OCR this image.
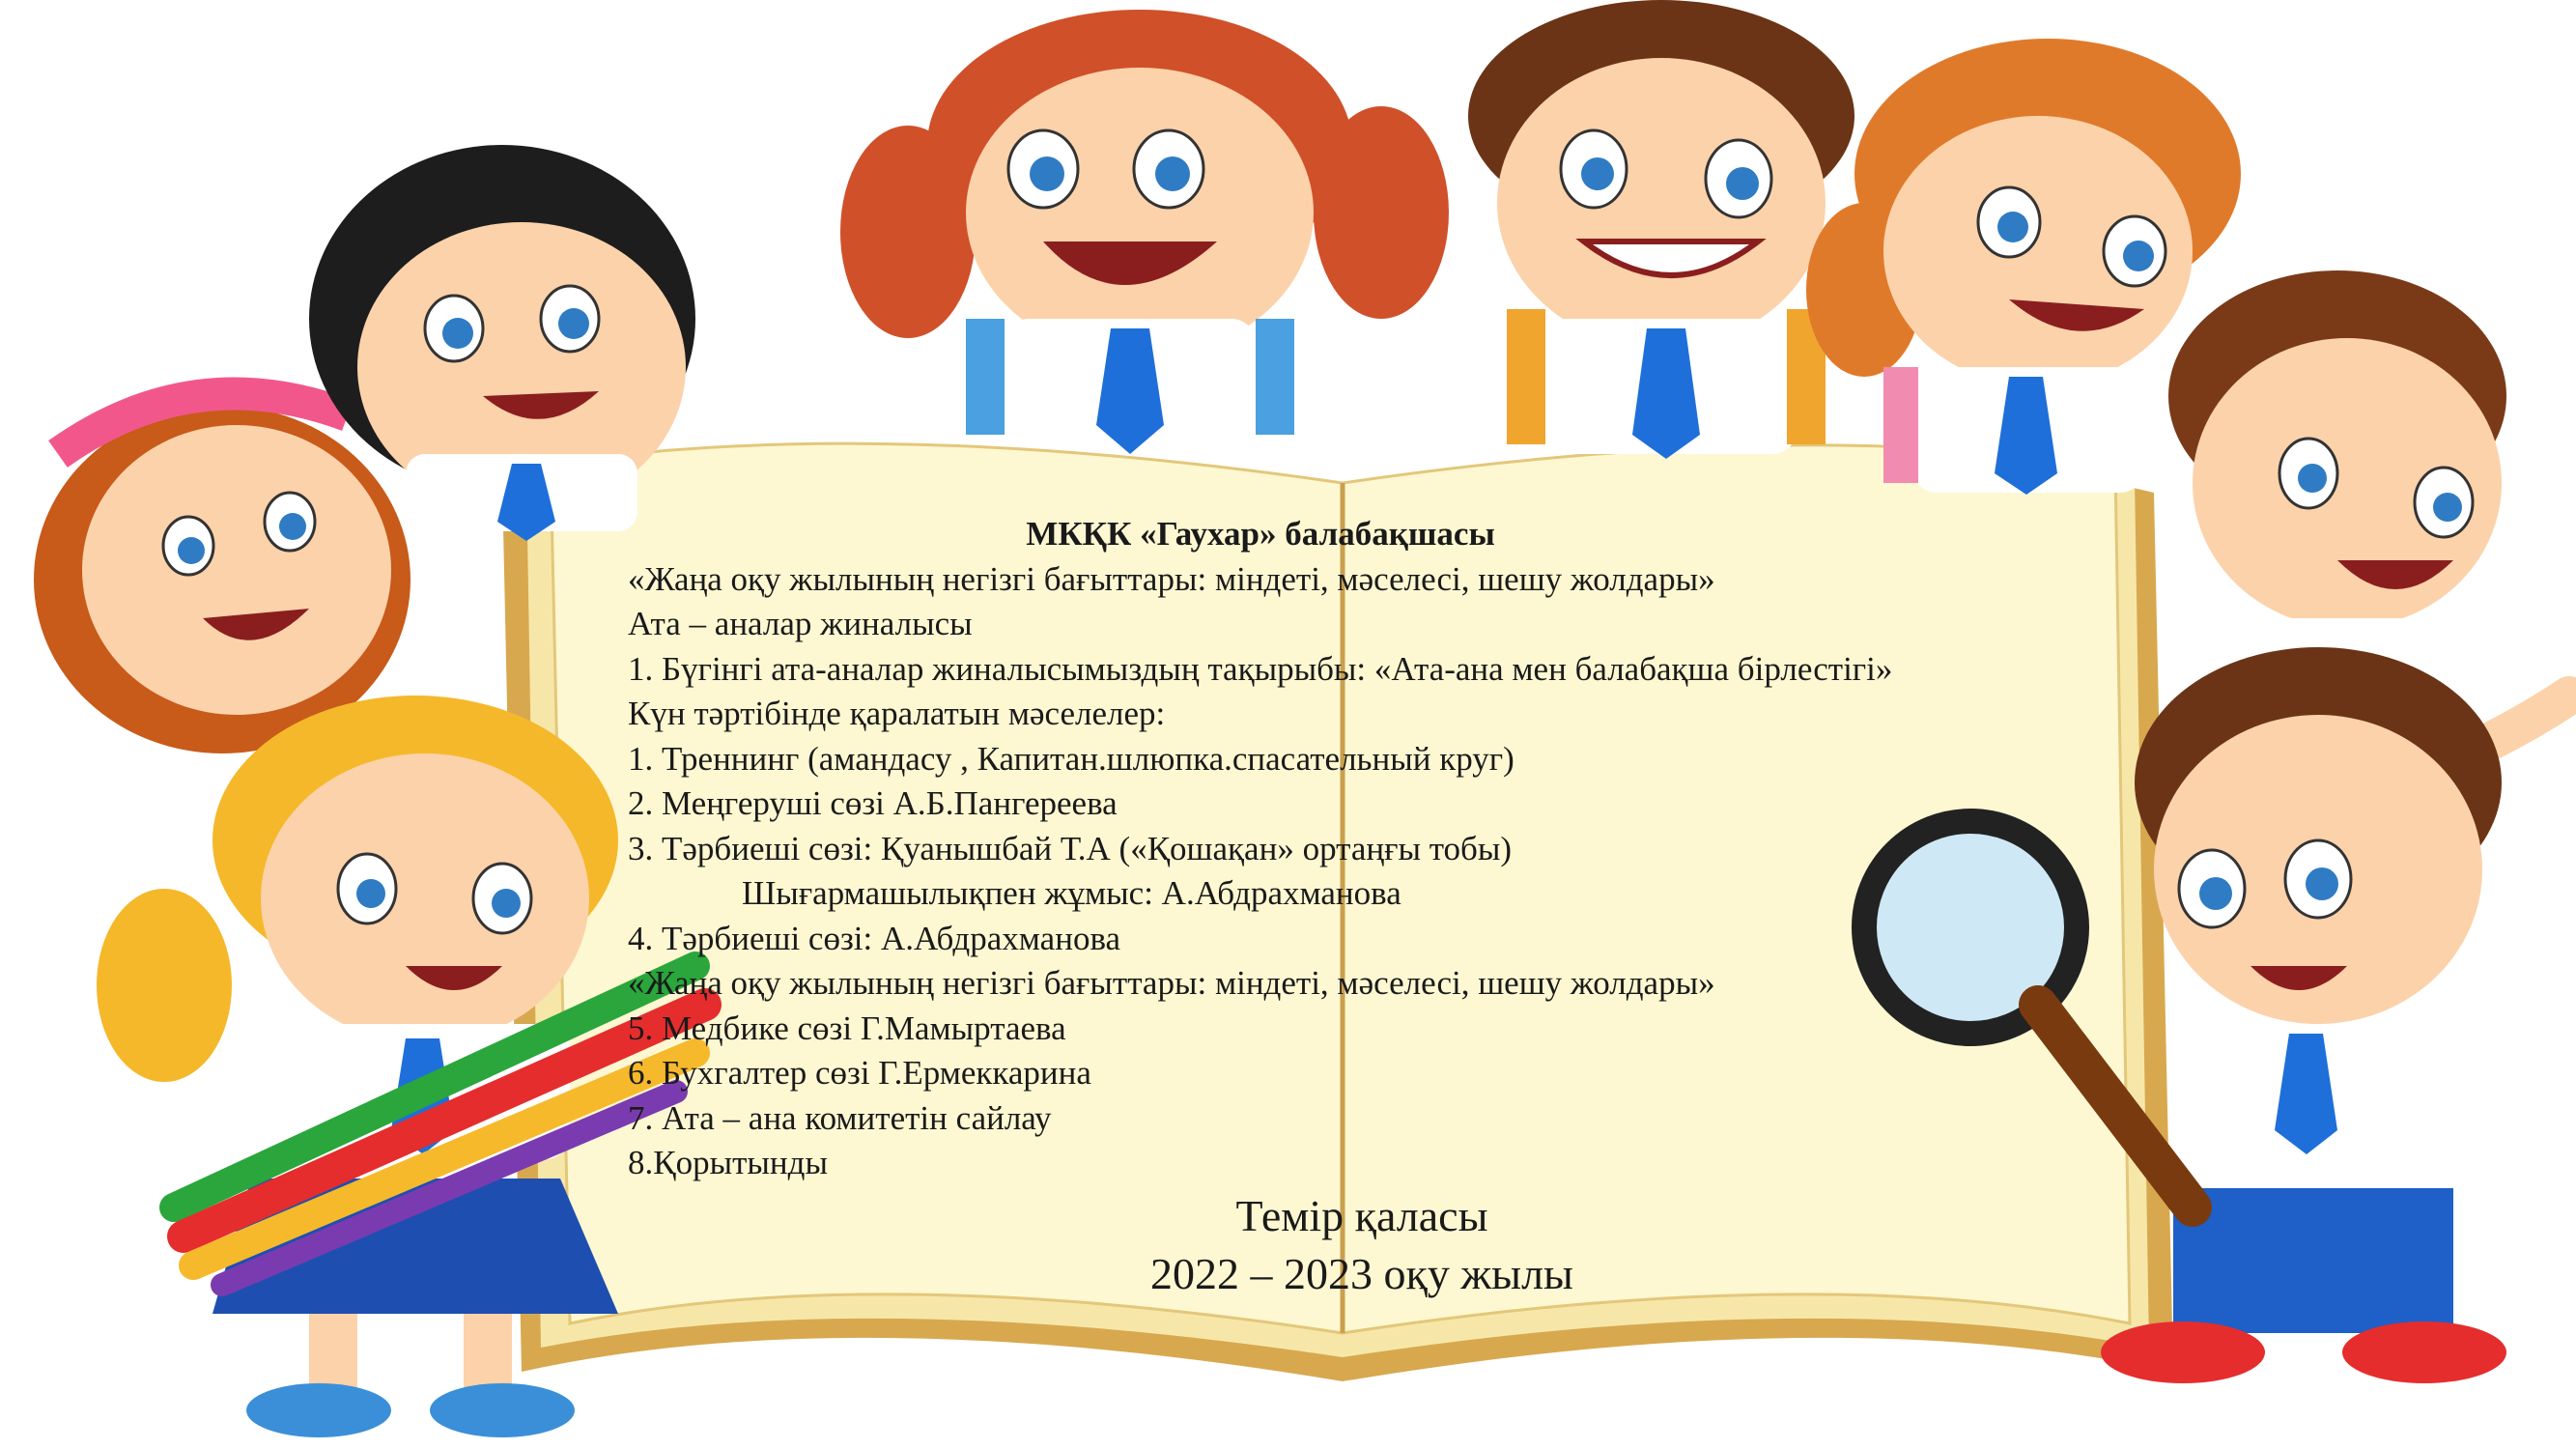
МКҚК «Гаухар» балабақшасы
«Жаңа оқу жылының негізгі бағыттары: міндеті, мәселесі, шешу жолдары»
Ата – аналар жиналысы
1. Бүгінгі ата-аналар жиналысымыздың тақырыбы: «Ата-ана мен балабақша бірлестігі»
Күн тәртібінде қаралатын мәселелер:
1. Треннинг (амандасу , Капитан.шлюпка.спасательный круг)
2. Меңгеруші сөзі А.Б.Пангереева
3. Тәрбиеші сөзі: Қуанышбай Т.А («Қошақан» ортаңғы тобы)
Шығармашылықпен жұмыс: А.Абдрахманова
4. Тәрбиеші сөзі: А.Абдрахманова
«Жаңа оқу жылының негізгі бағыттары: міндеті, мәселесі, шешу жолдары»
5. Медбике сөзі Г.Мамыртаева
6. Бухгалтер сөзі Г.Ермеккарина
7. Ата – ана комитетін сайлау
8.Қорытынды
Темір қаласы
2022 – 2023 оқу жылы
